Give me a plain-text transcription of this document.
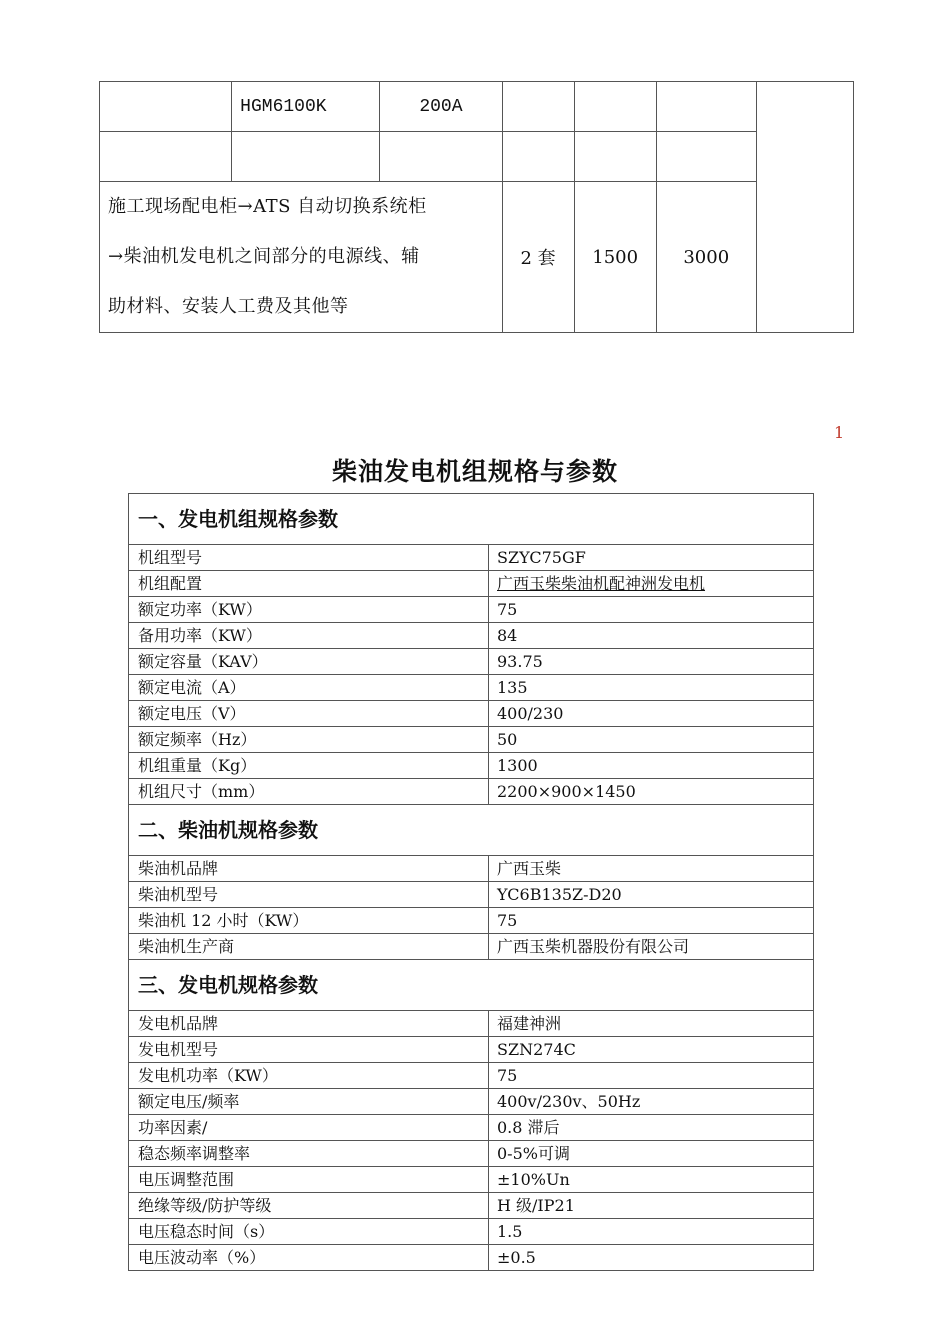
	HGM6100K	200A				

施工现场配电柜→ATS 自动切换系统柜
→柴油机发电机之间部分的电源线、辅
助材料、安装人工费及其他等			2 套	1500	3000	
1
柴油发电机组规格与参数
一、发电机组规格参数	
机组型号	SZYC75GF
机组配置	广西玉柴柴油机配神洲发电机
额定功率（KW）	75
备用功率（KW）	84
额定容量（KAV）	93.75
额定电流（A）	135
额定电压（V）	400/230
额定频率（Hz）	50
机组重量（Kg）	1300
机组尺寸（mm）	2200×900×1450
二、柴油机规格参数	
柴油机品牌	广西玉柴
柴油机型号	YC6B135Z-D20
柴油机 12 小时（KW）	75
柴油机生产商	广西玉柴机器股份有限公司
三、发电机规格参数	
发电机品牌	福建神洲
发电机型号	SZN274C
发电机功率（KW）	75
额定电压/频率	400v/230v、50Hz
功率因素/	0.8 滞后
稳态频率调整率	0-5%可调
电压调整范围	±10%Un
绝缘等级/防护等级	H 级/IP21
电压稳态时间（s）	1.5
电压波动率（%）	±0.5
